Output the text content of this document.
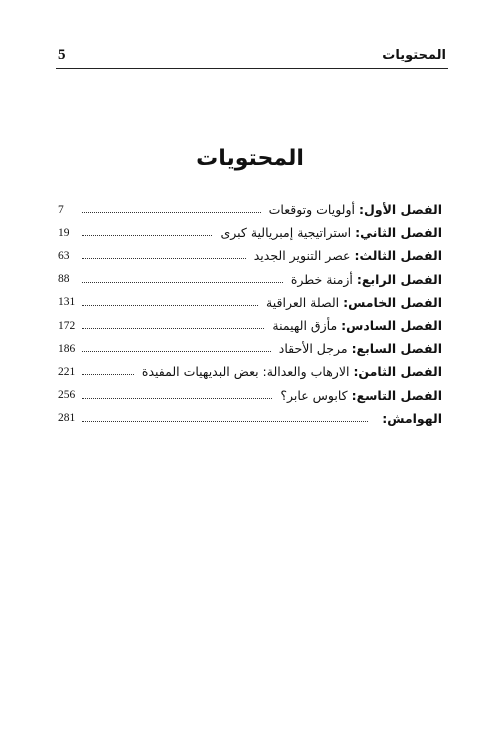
5	المحتويات
المحتويات
الفصل الأول:
أولويات وتوقعات
7
الفصل الثاني:
استراتيجية إمبريالية كبرى
19
الفصل الثالث:
عصر التنوير الجديد
63
الفصل الرابع:
أزمنة خطرة
88
الفصل الخامس:
الصلة العراقية
131
الفصل السادس:
مأزق الهيمنة
172
الفصل السابع:
مرجل الأحقاد
186
الفصل الثامن:
الارهاب والعدالة: بعض البديهيات المفيدة
221
الفصل التاسع:
كابوس عابر؟
256
الهوامش:
281
